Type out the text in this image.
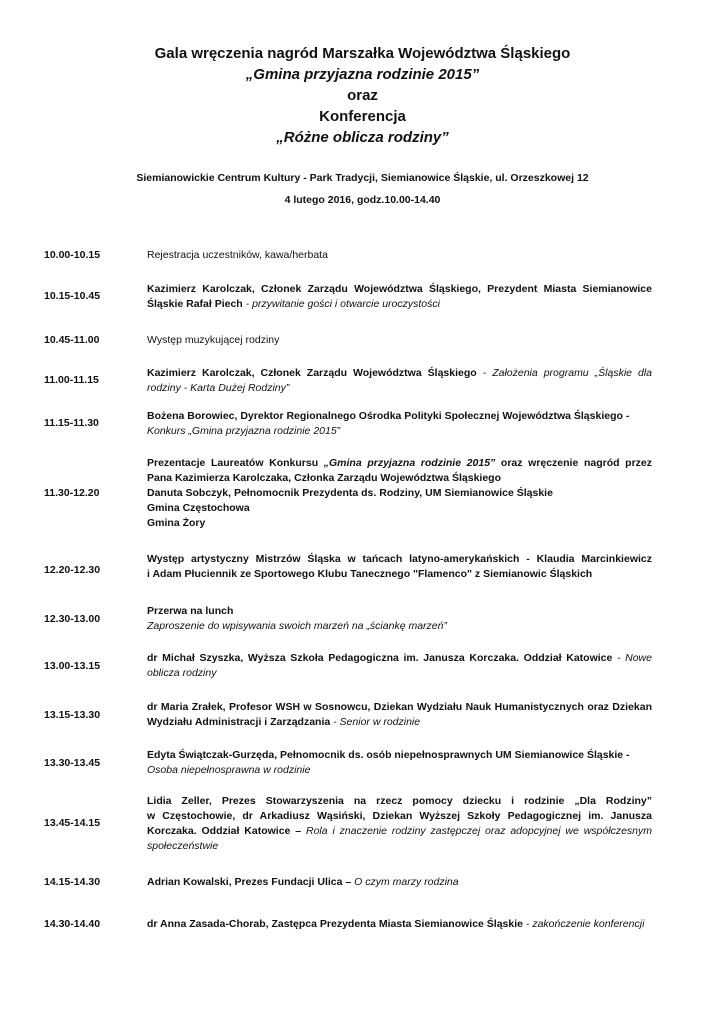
Gala wręczenia nagród Marszałka Województwa Śląskiego
„Gmina przyjazna rodzinie 2015”
oraz
Konferencja
„Różne oblicza rodziny”
Siemianowickie Centrum Kultury - Park Tradycji, Siemianowice Śląskie, ul. Orzeszkowej 12
4 lutego 2016, godz.10.00-14.40
10.00-10.15	Rejestracja uczestników, kawa/herbata
10.15-10.45
Kazimierz Karolczak, Członek Zarządu Województwa Śląskiego, Prezydent Miasta Siemianowice
Śląskie Rafał Piech - przywitanie gości i otwarcie uroczystości
10.45-11.00	Występ muzykującej rodziny
11.00-11.15
Kazimierz Karolczak, Członek Zarządu Województwa Śląskiego - Założenia programu „Śląskie dla
rodziny - Karta Dużej Rodziny”
11.15-11.30
Bożena Borowiec, Dyrektor Regionalnego Ośrodka Polityki Społecznej Województwa Śląskiego -
Konkurs „Gmina przyjazna rodzinie 2015”
11.30-12.20
Prezentacje Laureatów Konkursu „Gmina przyjazna rodzinie 2015” oraz wręczenie nagród przez
Pana Kazimierza Karolczaka, Członka Zarządu Województwa Śląskiego
Danuta Sobczyk, Pełnomocnik Prezydenta ds. Rodziny, UM Siemianowice Śląskie
Gmina Częstochowa
Gmina Żory
12.20-12.30
Występ artystyczny Mistrzów Śląska w tańcach latyno-amerykańskich - Klaudia Marcinkiewicz
i Adam Płuciennik ze Sportowego Klubu Tanecznego "Flamenco" z Siemianowic Śląskich
12.30-13.00
Przerwa na lunch
Zaproszenie do wpisywania swoich marzeń na „ściankę marzeń”
13.00-13.15
dr Michał Szyszka, Wyższa Szkoła Pedagogiczna im. Janusza Korczaka. Oddział Katowice - Nowe
oblicza rodziny
13.15-13.30
dr Maria Zrałek, Profesor WSH w Sosnowcu, Dziekan Wydziału Nauk Humanistycznych oraz Dziekan
Wydziału Administracji i Zarządzania - Senior w rodzinie
13.30-13.45
Edyta Świątczak-Gurzęda, Pełnomocnik ds. osób niepełnosprawnych UM Siemianowice Śląskie -
Osoba niepełnosprawna w rodzinie
13.45-14.15
Lidia Zeller, Prezes Stowarzyszenia na rzecz pomocy dziecku i rodzinie „Dla Rodziny”
w Częstochowie, dr Arkadiusz Wąsiński, Dziekan Wyższej Szkoły Pedagogicznej im. Janusza
Korczaka. Oddział Katowice – Rola i znaczenie rodziny zastępczej oraz adopcyjnej we współczesnym
społeczeństwie
14.15-14.30	Adrian Kowalski, Prezes Fundacji Ulica – O czym marzy rodzina
14.30-14.40	dr Anna Zasada-Chorab, Zastępca Prezydenta Miasta Siemianowice Śląskie - zakończenie konferencji
